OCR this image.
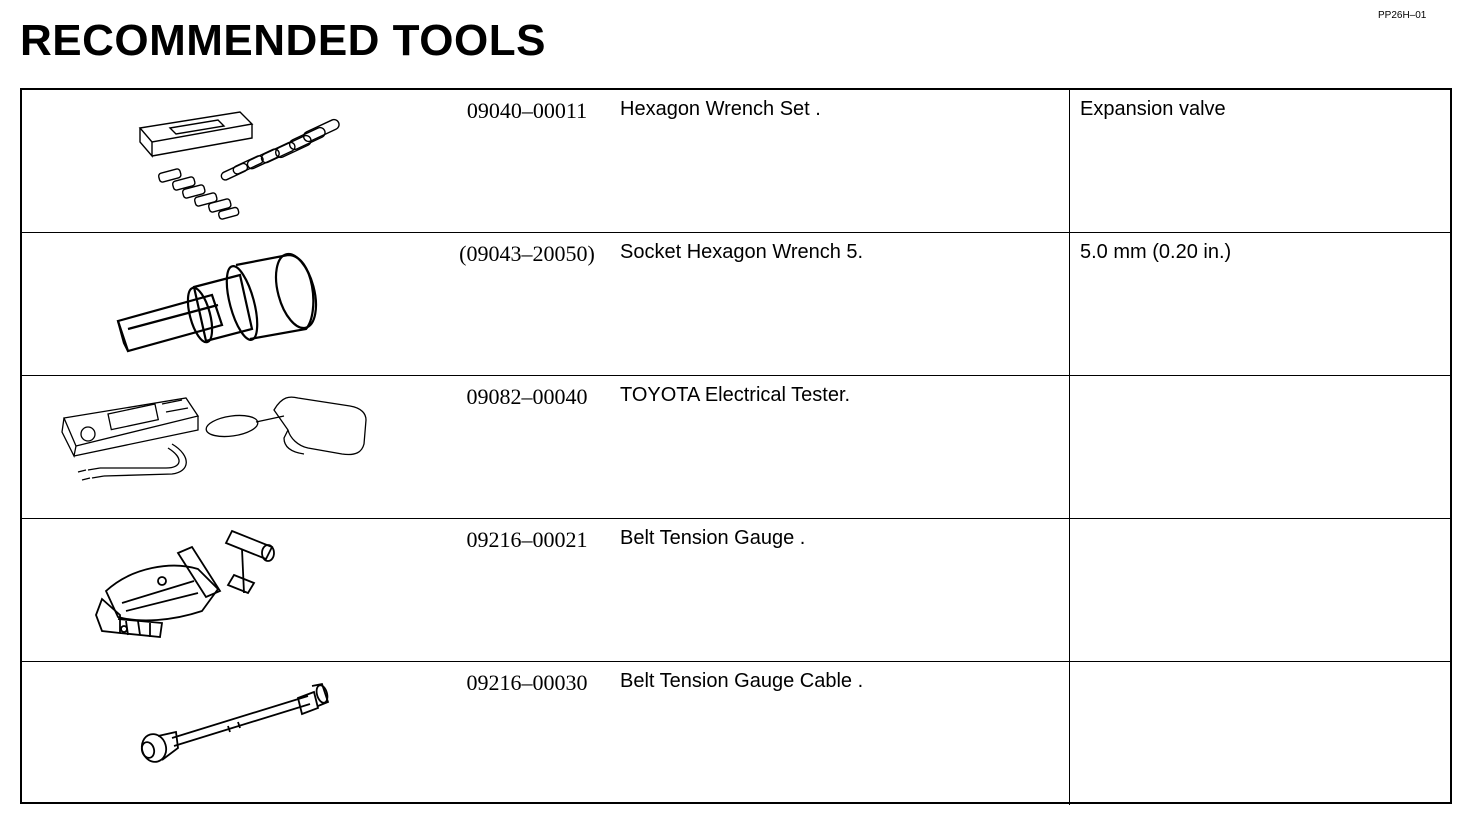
PP26H–01
RECOMMENDED TOOLS
09040–00011	Hexagon Wrench Set .	Expansion valve
(09043–20050)	Socket Hexagon Wrench 5.	5.0 mm (0.20 in.)
09082–00040	TOYOTA Electrical Tester.
09216–00021	Belt Tension Gauge .
09216–00030	Belt Tension Gauge Cable .
